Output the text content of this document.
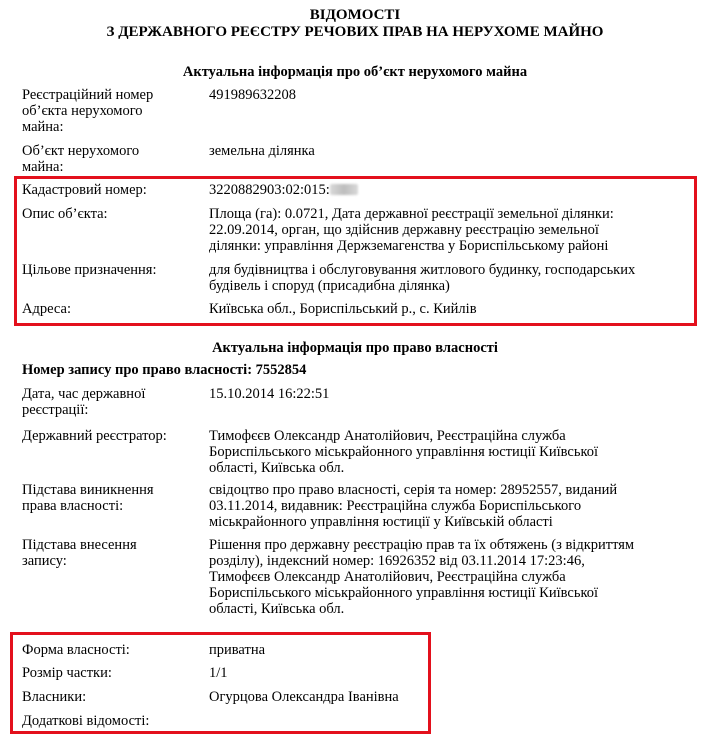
ВІДОМОСТІ
З ДЕРЖАВНОГО РЕЄСТРУ РЕЧОВИХ ПРАВ НА НЕРУХОМЕ МАЙНО
Актуальна інформація про об’єкт нерухомого майна
Реєстраційний номер
об’єкта нерухомого
майна:
491989632208
Об’єкт нерухомого
майна:
земельна ділянка
Кадастровий номер:	3220882903:02:015:
Опис об’єкта:	Площа (га): 0.0721, Дата державної реєстрації земельної ділянки:
22.09.2014, орган, що здійснив державну реєстрацію земельної
ділянки: управління Держземагенства у Бориспільському районі
Цільове призначення:	для будівництва і обслуговування житлового будинку, господарських
будівель і споруд (присадибна ділянка)
Адреса:	Київська обл., Бориспільський р., с. Кийлів
Актуальна інформація про право власності
Номер запису про право власності: 7552854
Дата, час державної
реєстрації:
15.10.2014 16:22:51
Державний реєстратор:	Тимофєєв Олександр Анатолійович, Реєстраційна служба
Бориспільського міськрайонного управління юстиції Київської
області, Київська обл.
Підстава виникнення
права власності:
свідоцтво про право власності, серія та номер: 28952557, виданий
03.11.2014, видавник: Реєстраційна служба Бориспільського
міськрайонного управління юстиції у Київській області
Підстава внесення
запису:
Рішення про державну реєстрацію прав та їх обтяжень (з відкриттям
розділу), індексний номер: 16926352 від 03.11.2014 17:23:46,
Тимофєєв Олександр Анатолійович, Реєстраційна служба
Бориспільського міськрайонного управління юстиції Київської
області, Київська обл.
Форма власності:	приватна
Розмір частки:	1/1
Власники:	Огурцова Олександра Іванівна
Додаткові відомості:
